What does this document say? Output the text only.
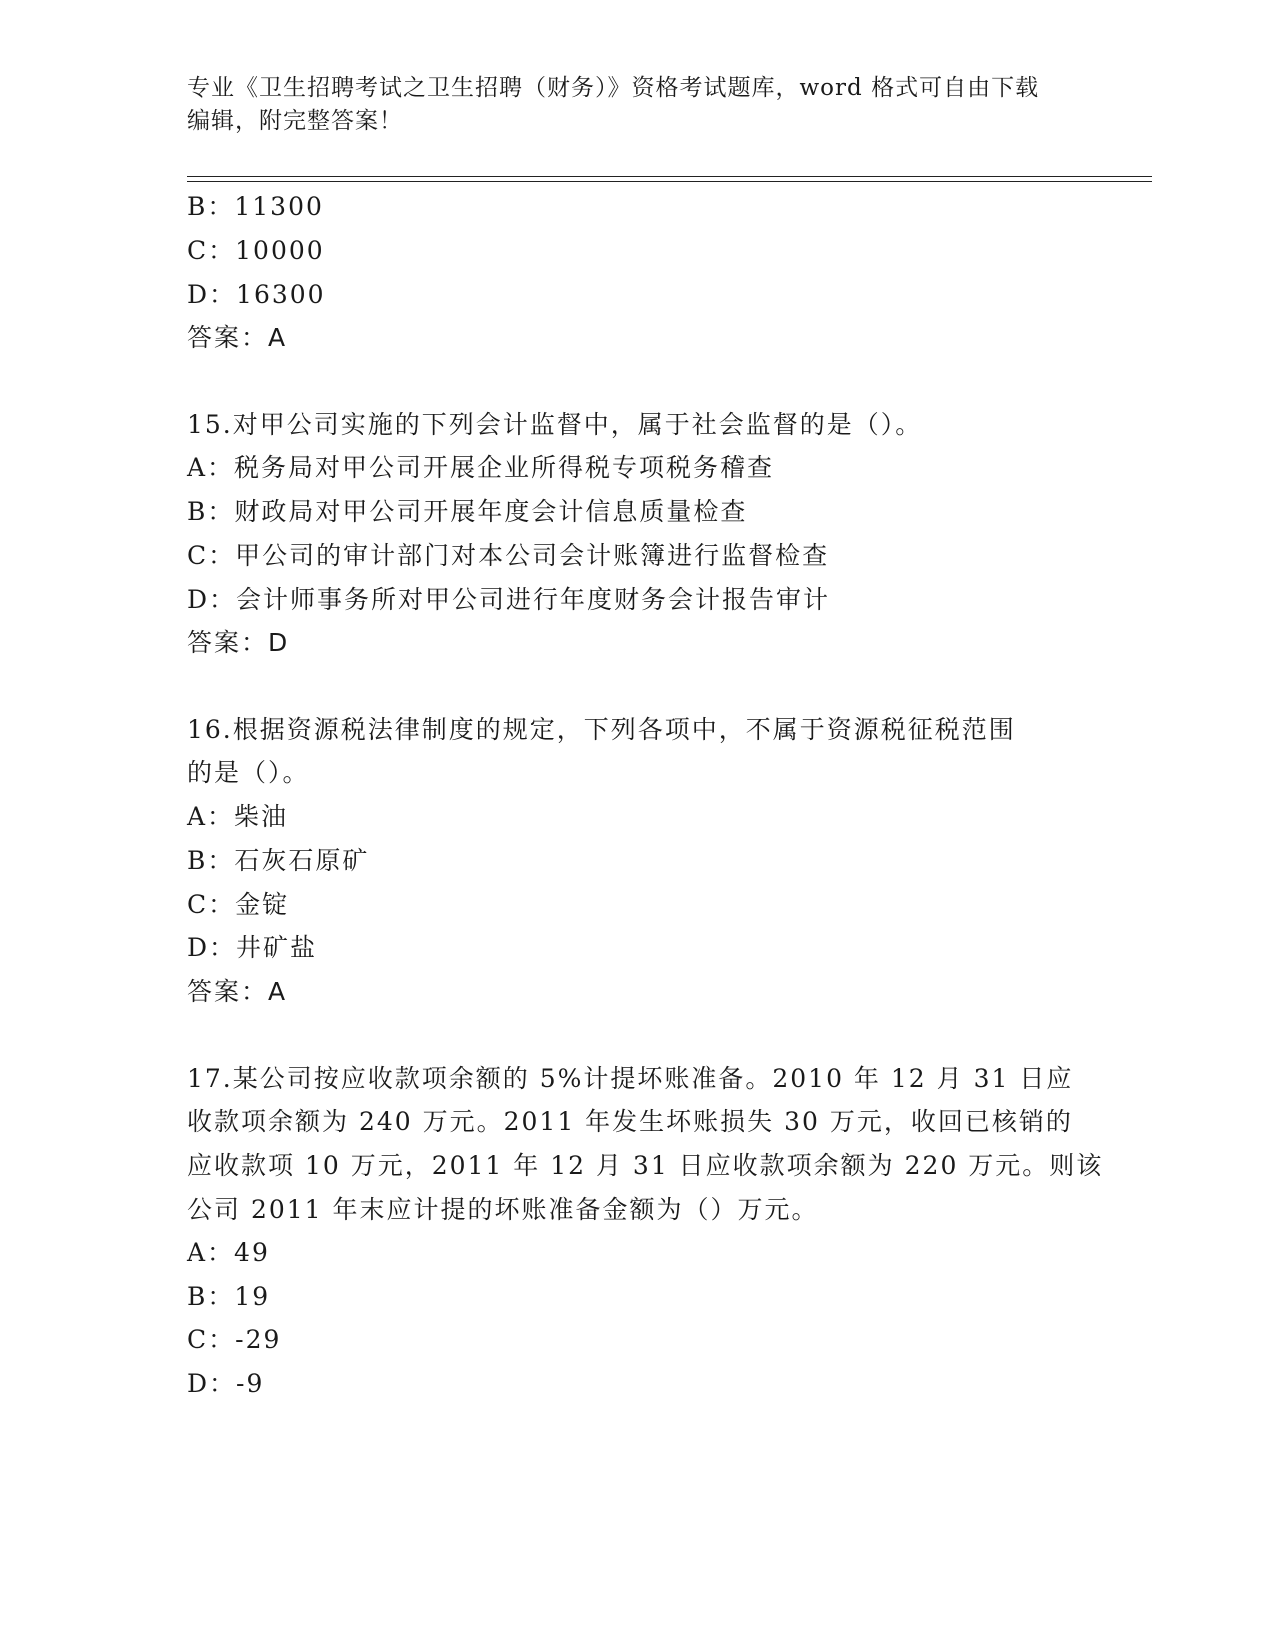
专业《卫生招聘考试之卫生招聘（财务）》资格考试题库，word 格式可自由下载
编辑，附完整答案！
B：11300
C：10000
D：16300
答案：A
15.对甲公司实施的下列会计监督中，属于社会监督的是（）。
A：税务局对甲公司开展企业所得税专项税务稽查
B：财政局对甲公司开展年度会计信息质量检查
C：甲公司的审计部门对本公司会计账簿进行监督检查
D：会计师事务所对甲公司进行年度财务会计报告审计
答案：D
16.根据资源税法律制度的规定，下列各项中，不属于资源税征税范围
的是（）。
A：柴油
B：石灰石原矿
C：金锭
D：井矿盐
答案：A
17.某公司按应收款项余额的 5%计提坏账准备。2010 年 12 月 31 日应
收款项余额为 240 万元。2011 年发生坏账损失 30 万元，收回已核销的
应收款项 10 万元，2011 年 12 月 31 日应收款项余额为 220 万元。则该
公司 2011 年末应计提的坏账准备金额为（）万元。
A：49
B：19
C：-29
D：-9
